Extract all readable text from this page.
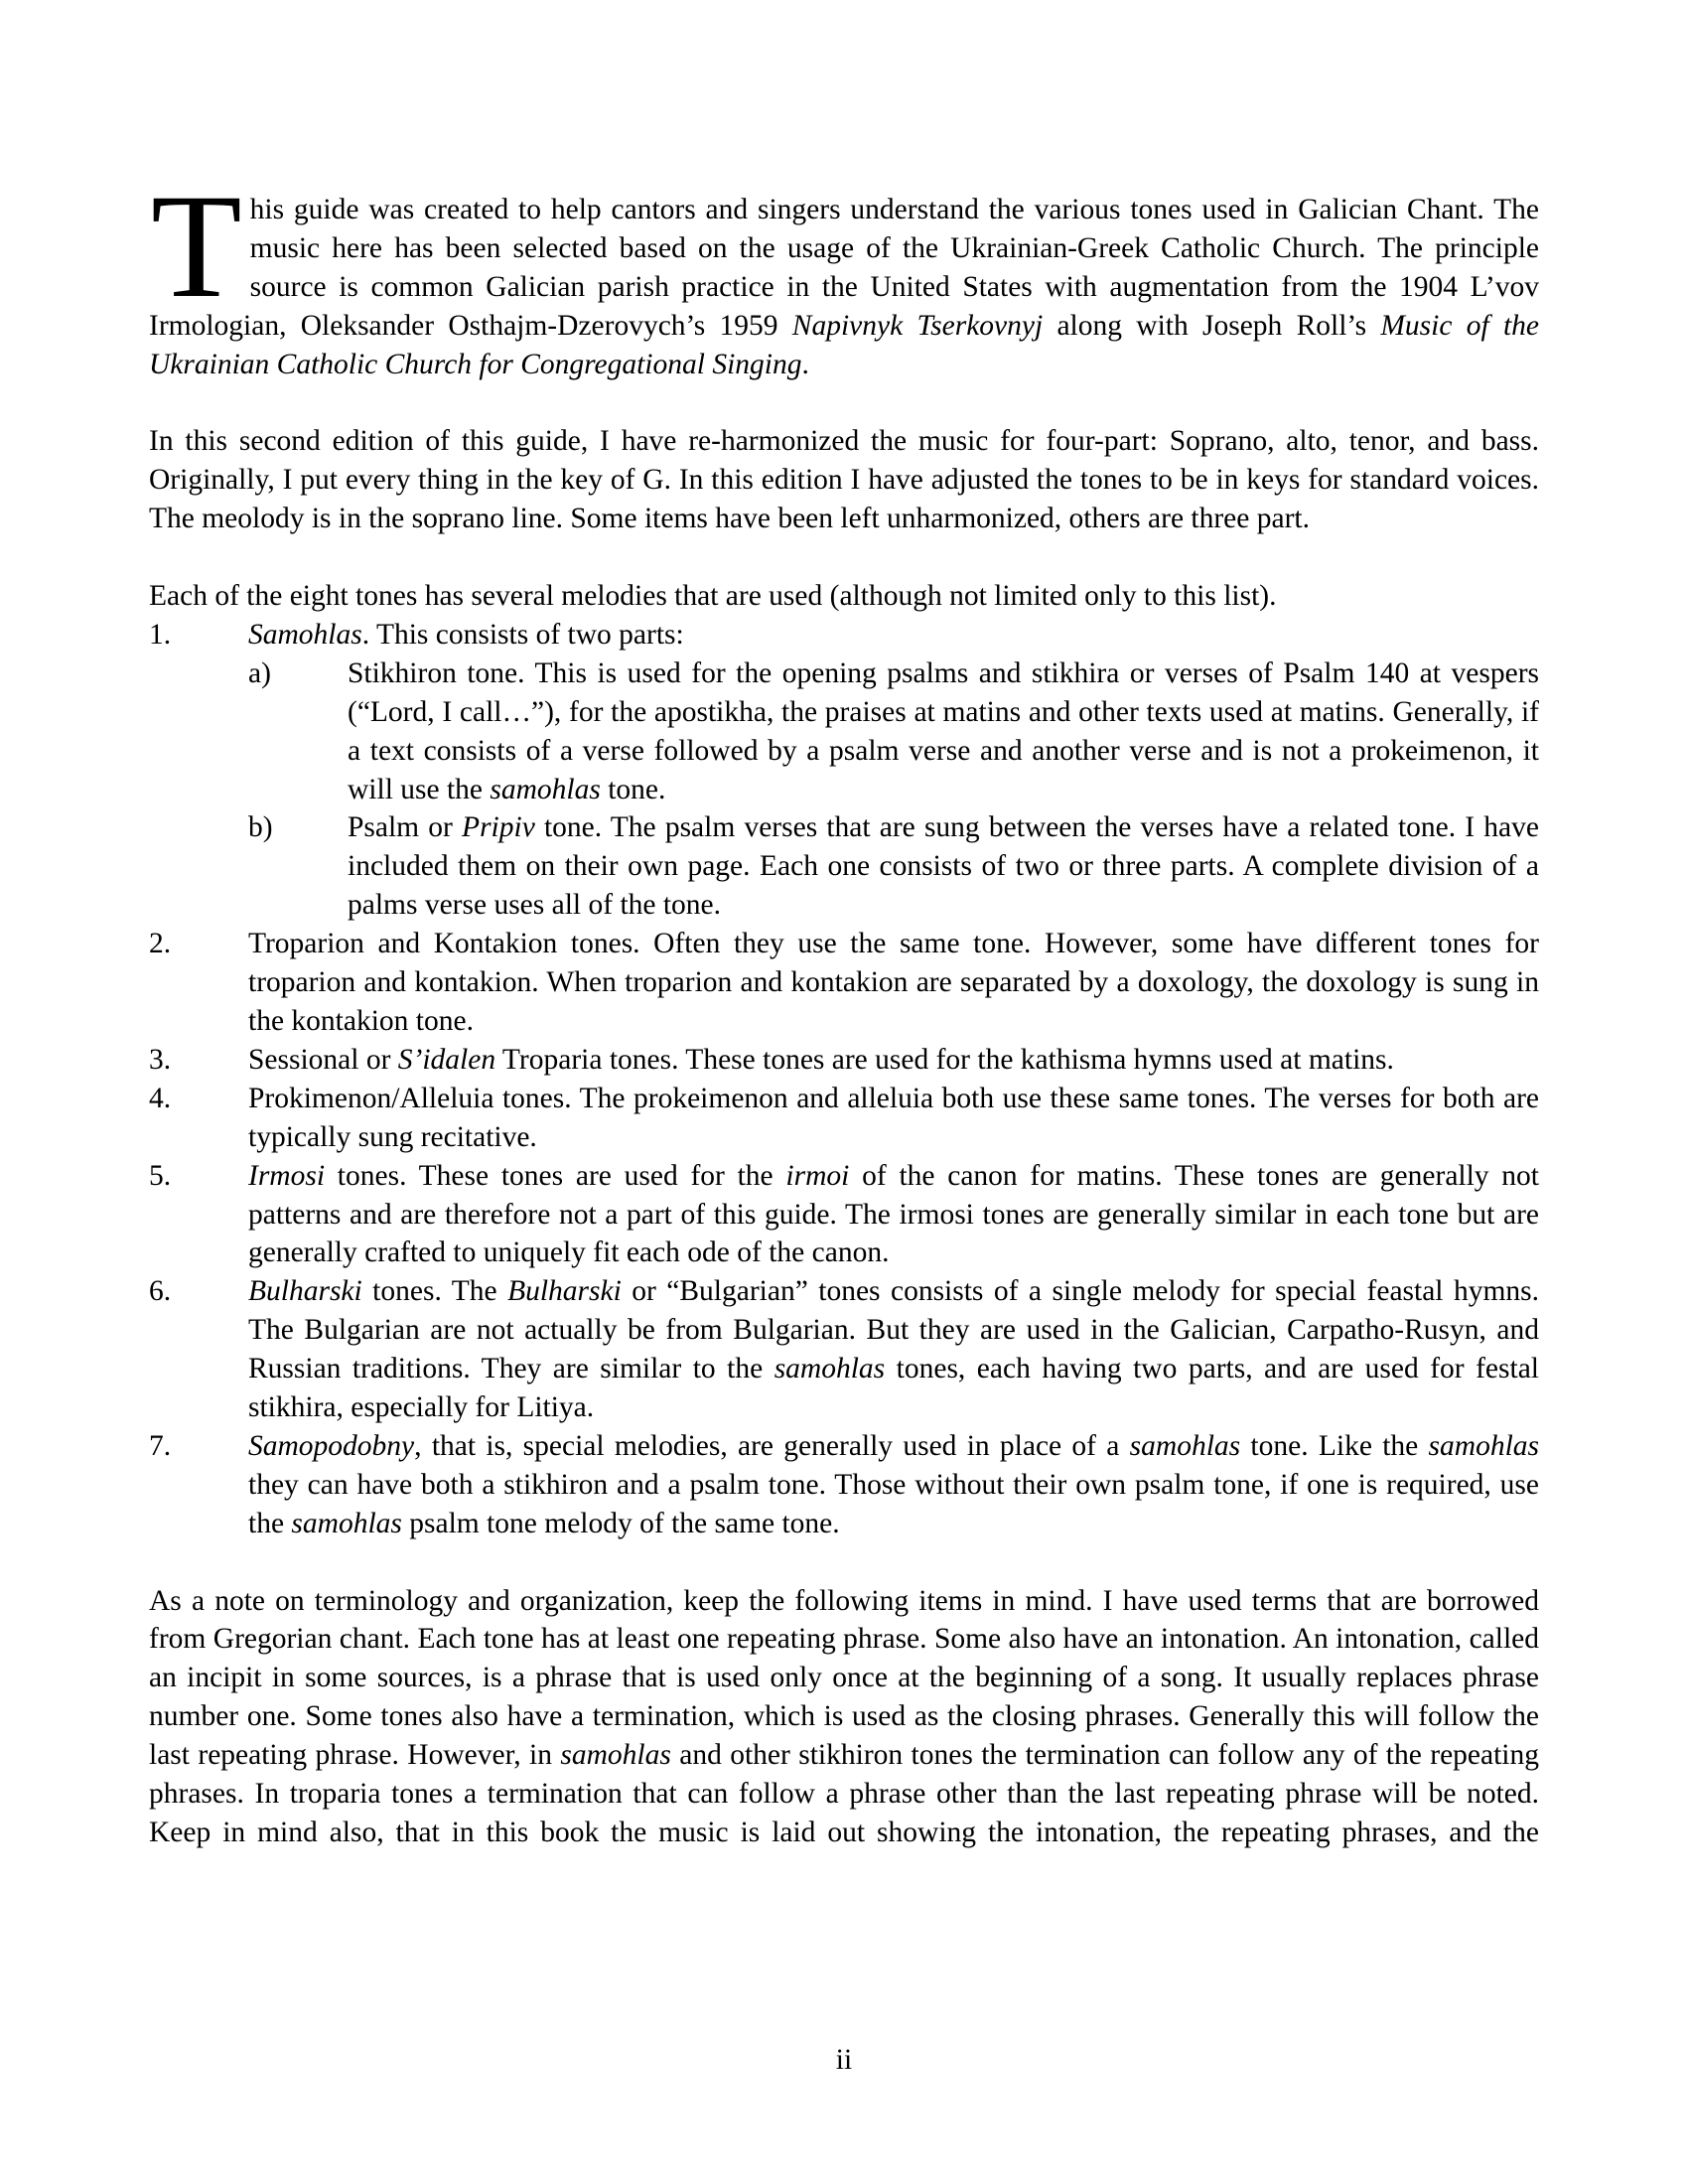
T his guide was created to help cantors and singers understand the various tones used in Galician Chant. The music here has been selected based on the usage of the Ukrainian-Greek Catholic Church. The principle source is common Galician parish practice in the United States with augmentation from the 1904 L’vov Irmologian, Oleksander Osthajm-Dzerovych’s 1959 Napivnyk Tserkovnyj along with Joseph Roll’s Music of the Ukrainian Catholic Church for Congregational Singing.

In this second edition of this guide, I have re-harmonized the music for four-part: Soprano, alto, tenor, and bass. Originally, I put every thing in the key of G. In this edition I have adjusted the tones to be in keys for standard voices. The meolody is in the soprano line. Some items have been left unharmonized, others are three part.

Each of the eight tones has several melodies that are used (although not limited only to this list).

1.	Samohlas. This consists of two parts:
a)	Stikhiron tone. This is used for the opening psalms and stikhira or verses of Psalm 140 at vespers (“Lord, I call…”), for the apostikha, the praises at matins and other texts used at matins. Generally, if a text consists of a verse followed by a psalm verse and another verse and is not a prokeimenon, it will use the samohlas tone.
b)	Psalm or Pripiv tone. The psalm verses that are sung between the verses have a related tone. I have included them on their own page. Each one consists of two or three parts. A complete division of a palms verse uses all of the tone.
2.	Troparion and Kontakion tones. Often they use the same tone. However, some have different tones for troparion and kontakion. When troparion and kontakion are separated by a doxology, the doxology is sung in the kontakion tone.
3.	Sessional or S’idalen Troparia tones. These tones are used for the kathisma hymns used at matins.
4.	Prokimenon/Alleluia tones. The prokeimenon and alleluia both use these same tones. The verses for both are typically sung recitative.
5.	Irmosi tones. These tones are used for the irmoi of the canon for matins. These tones are generally not patterns and are therefore not a part of this guide. The irmosi tones are generally similar in each tone but are generally crafted to uniquely fit each ode of the canon.
6.	Bulharski tones. The Bulharski or “Bulgarian” tones consists of a single melody for special feastal hymns. The Bulgarian are not actually be from Bulgarian. But they are used in the Galician, Carpatho-Rusyn, and Russian traditions. They are similar to the samohlas tones, each having two parts, and are used for festal stikhira, especially for Litiya.
7.	Samopodobny, that is, special melodies, are generally used in place of a samohlas tone. Like the samohlas they can have both a stikhiron and a psalm tone. Those without their own psalm tone, if one is required, use the samohlas psalm tone melody of the same tone.

As a note on terminology and organization, keep the following items in mind. I have used terms that are borrowed from Gregorian chant. Each tone has at least one repeating phrase. Some also have an intonation. An intonation, called an incipit in some sources, is a phrase that is used only once at the beginning of a song. It usually replaces phrase number one. Some tones also have a termination, which is used as the closing phrases. Generally this will follow the last repeating phrase. However, in samohlas and other stikhiron tones the termination can follow any of the repeating phrases. In troparia tones a termination that can follow a phrase other than the last repeating phrase will be noted. Keep in mind also, that in this book the music is laid out showing the intonation, the repeating phrases, and the

ii
